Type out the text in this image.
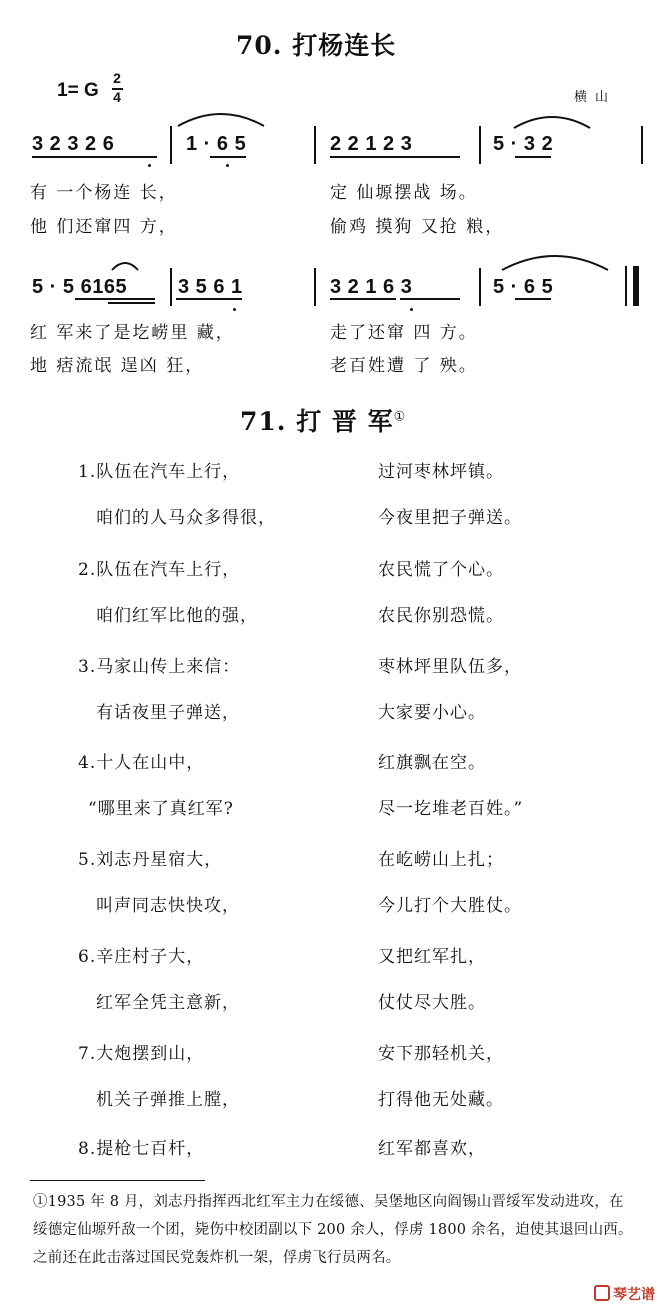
70. 打杨连长
1= G
2
4	横山
3 2 3 2 6	1 · 6 5	2 2 1 2 3	5 · 3 2
有 一个杨连 长，	定 仙塬摆战 场。
他 们还窜四 方，	偷鸡 摸狗 又抢 粮，
5 · 5 6165	3 5 6 1	3 2 1 6 3	5 · 6 5
红 军来了是圪崂里 藏，	走了还窜 四 方。
地 痞流氓 逞凶 狂，	老百姓遭 了 殃。
71. 打 晋 军①
1.队伍在汽车上行，	过河枣林坪镇。
咱们的人马众多得很，	今夜里把子弹送。
2.队伍在汽车上行，	农民慌了个心。
咱们红军比他的强，	农民你别恐慌。
3.马家山传上来信：	枣林坪里队伍多，
有话夜里子弹送，	大家要小心。
4.十人在山中，	红旗飘在空。
“哪里来了真红军?	尽一圪堆老百姓。”
5.刘志丹星宿大，	在屹崂山上扎；
叫声同志快快攻，	今儿打个大胜仗。
6.辛庄村子大，	又把红军扎，
红军全凭主意新，	仗仗尽大胜。
7.大炮摆到山，	安下那轻机关，
机关子弹推上膛，	打得他无处藏。
8.提枪七百杆，	红军都喜欢，
①1935 年 8 月，刘志丹指挥西北红军主力在绥德、吴堡地区向阎锡山晋绥军发动进攻，在绥德定仙塬歼敌一个团，毙伤中校团副以下 200 余人，俘虏 1800 余名，迫使其退回山西。之前还在此击落过国民党轰炸机一架，俘虏飞行员两名。
琴艺谱
